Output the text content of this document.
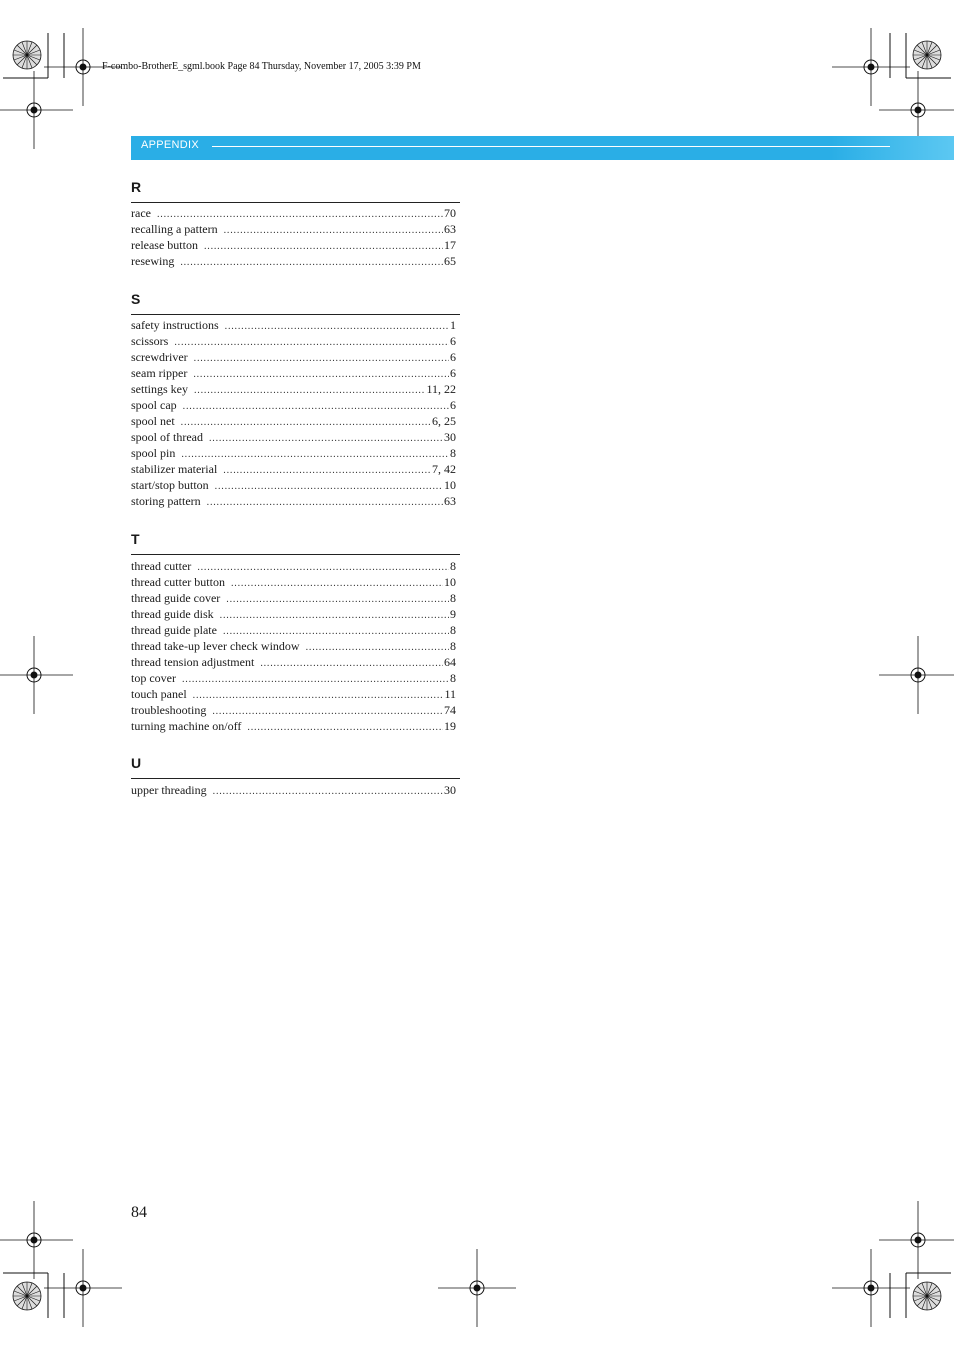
F-combo-BrotherE_sgml.book Page 84 Thursday, November 17, 2005 3:39 PM
APPENDIX
R
race .....	70
recalling a pattern .....	63
release button .....	17
resewing .....	65
S
safety instructions .....	1
scissors .....	6
screwdriver .....	6
seam ripper .....	6
settings key .....	11, 22
spool cap .....	6
spool net .....	6, 25
spool of thread .....	30
spool pin .....	8
stabilizer material .....	7, 42
start/stop button .....	10
storing pattern .....	63
T
thread cutter .....	8
thread cutter button .....	10
thread guide cover .....	8
thread guide disk .....	9
thread guide plate .....	8
thread take-up lever check window .....	8
thread tension adjustment .....	64
top cover .....	8
touch panel .....	11
troubleshooting .....	74
turning machine on/off .....	19
U
upper threading .....	30
84
